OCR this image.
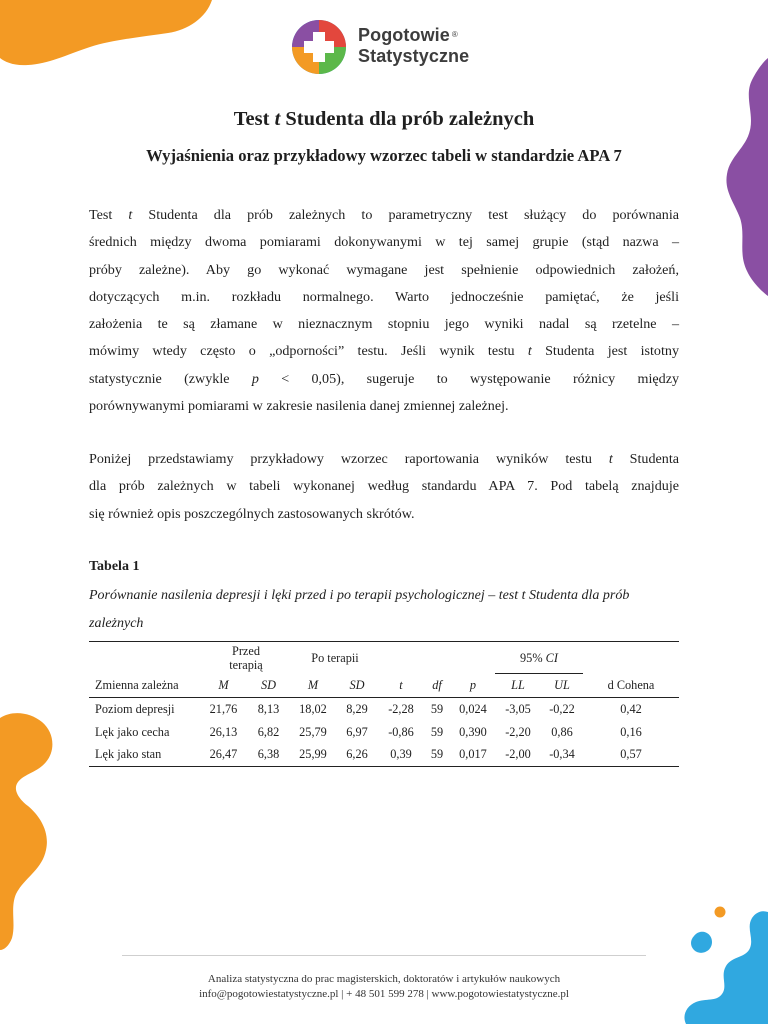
Pogotowie ®
Statystyczne
Test t Studenta dla prób zależnych
Wyjaśnienia oraz przykładowy wzorzec tabeli w standardzie APA 7
Test t Studenta dla prób zależnych to parametryczny test służący do porównania
średnich między dwoma pomiarami dokonywanymi w tej samej grupie (stąd nazwa –
próby zależne). Aby go wykonać wymagane jest spełnienie odpowiednich założeń,
dotyczących m.in. rozkładu normalnego. Warto jednocześnie pamiętać, że jeśli
założenia te są złamane w nieznacznym stopniu jego wyniki nadal są rzetelne –
mówimy wtedy często o „odporności” testu. Jeśli wynik testu t Studenta jest istotny
statystycznie (zwykle p < 0,05), sugeruje to występowanie różnicy między
porównywanymi pomiarami w zakresie nasilenia danej zmiennej zależnej.
Poniżej przedstawiamy przykładowy wzorzec raportowania wyników testu t Studenta
dla prób zależnych w tabeli wykonanej według standardu APA 7. Pod tabelą znajduje
się również opis poszczególnych zastosowanych skrótów.
Tabela 1
Porównanie nasilenia depresji i lęki przed i po terapii psychologicznej – test t Studenta dla prób zależnych
	Przed
terapią		Po terapii					95% CI		
Zmienna zależna	M	SD	M	SD	t	df	p	LL	UL	d Cohena
Poziom depresji	21,76	8,13	18,02	8,29	-2,28	59	0,024	-3,05	-0,22	0,42
Lęk jako cecha	26,13	6,82	25,79	6,97	-0,86	59	0,390	-2,20	0,86	0,16
Lęk jako stan	26,47	6,38	25,99	6,26	0,39	59	0,017	-2,00	-0,34	0,57
Analiza statystyczna do prac magisterskich, doktoratów i artykułów naukowych
info@pogotowiestatystyczne.pl | + 48 501 599 278 | www.pogotowiestatystyczne.pl
